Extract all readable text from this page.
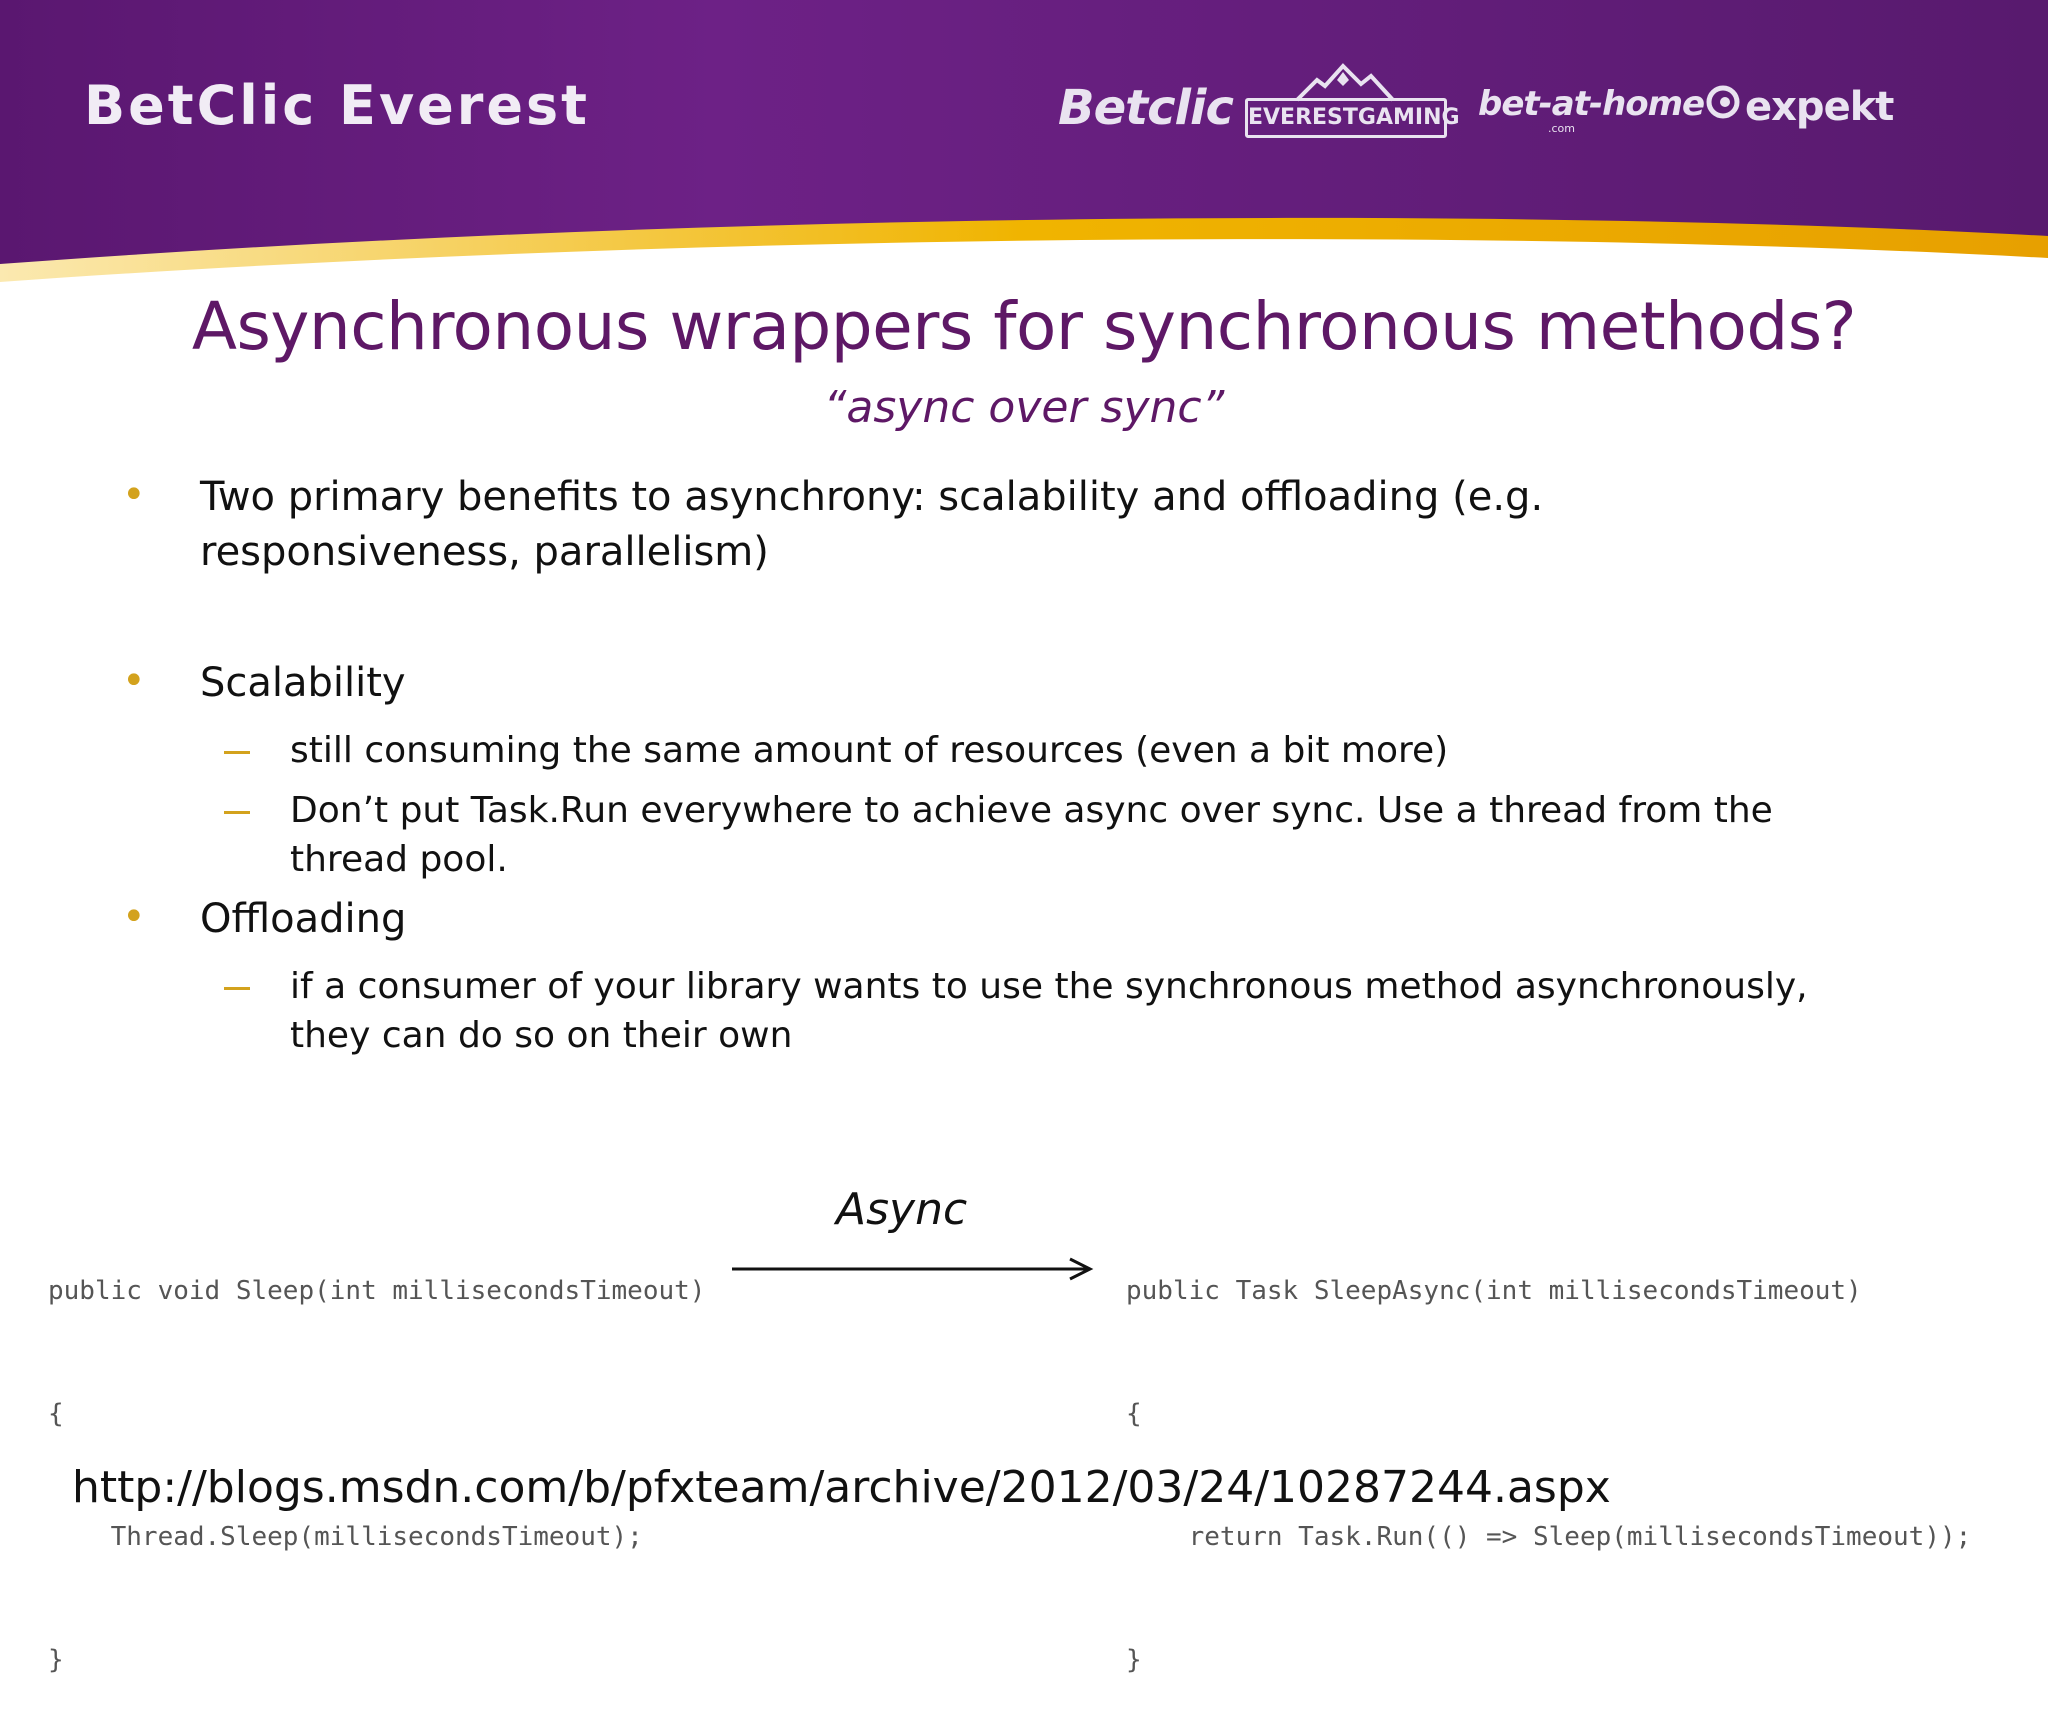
BetClic Everest	Betclic EVERESTGAMING bet-at-home
.com	expekt
Asynchronous wrappers for synchronous methods?
“async over sync”
• Two primary benefits to asynchrony: scalability and offloading (e.g.
responsiveness, parallelism)
• Scalability
still consuming the same amount of resources (even a bit more)
Don’t put Task.Run everywhere to achieve async over sync. Use a thread from the
thread pool.
• Offloading
if a consumer of your library wants to use the synchronous method asynchronously,
they can do so on their own

public void Sleep(int millisecondsTimeout)

{

Thread.Sleep(millisecondsTimeout);

}

Async

public Task SleepAsync(int millisecondsTimeout)

{

return Task.Run(() => Sleep(millisecondsTimeout));

}

http://blogs.msdn.com/b/pfxteam/archive/2012/03/24/10287244.aspx
